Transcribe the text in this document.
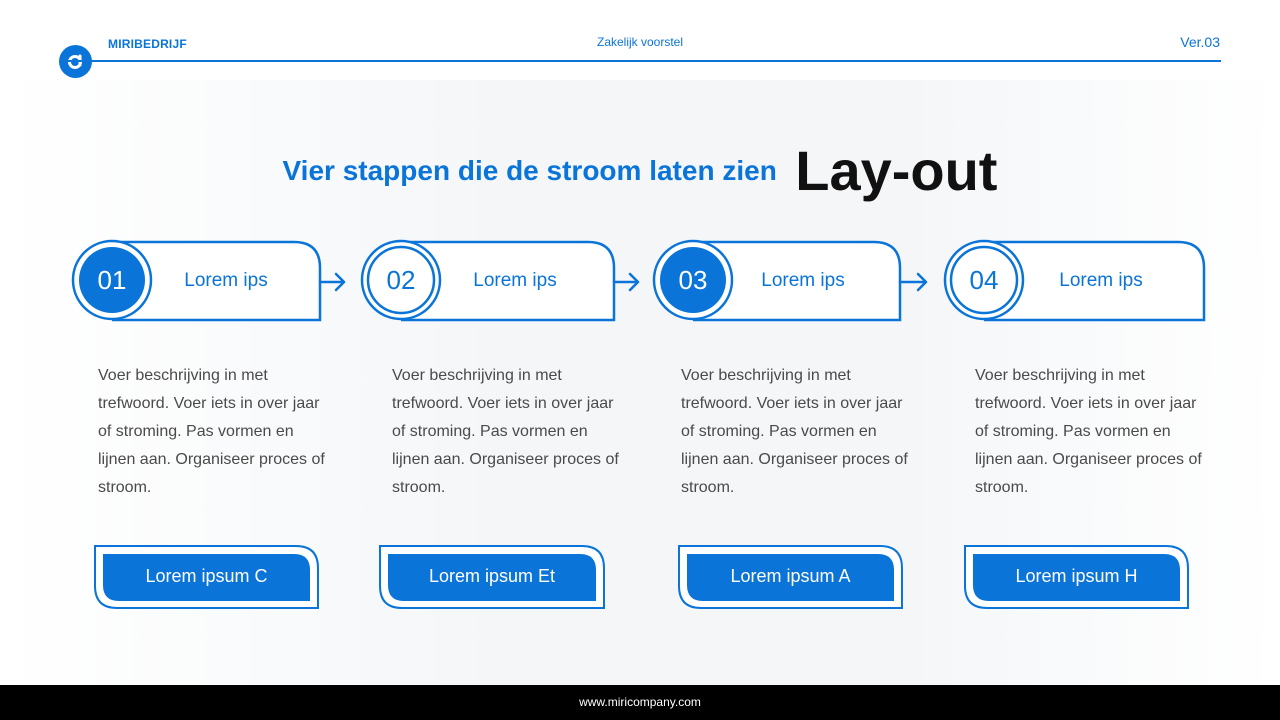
MIRIBEDRIJF	Zakelijk voorstel	Ver.03
Vier stappen die de stroom laten zien Lay-out
01	02	03	04
Lorem ips	Lorem ips	Lorem ips	Lorem ips
Voer beschrijving in met trefwoord. Voer iets in over jaar of stroming. Pas vormen en lijnen aan. Organiseer proces of stroom.
Voer beschrijving in met trefwoord. Voer iets in over jaar of stroming. Pas vormen en lijnen aan. Organiseer proces of stroom.
Voer beschrijving in met trefwoord. Voer iets in over jaar of stroming. Pas vormen en lijnen aan. Organiseer proces of stroom.
Voer beschrijving in met trefwoord. Voer iets in over jaar of stroming. Pas vormen en lijnen aan. Organiseer proces of stroom.
Lorem ipsum C	Lorem ipsum Et	Lorem ipsum A	Lorem ipsum H
www.miricompany.com
